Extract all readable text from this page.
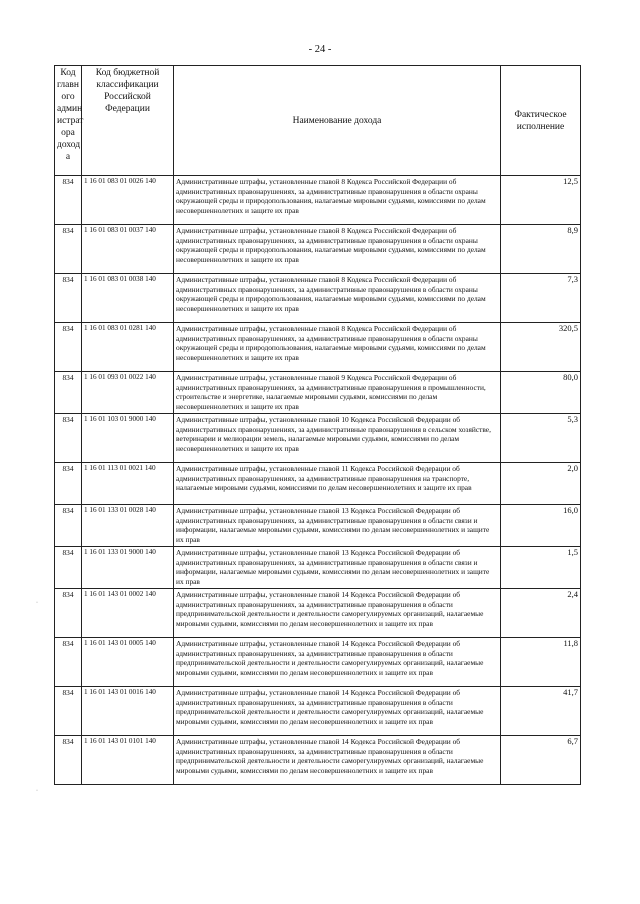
- 24 -
Код главн ого админ истрат ора доход а	Код бюджетной классификации Российской Федерации	Наименование дохода	Фактическое исполнение
834	1 16 01 083 01 0026 140	Административные штрафы, установленные главой 8 Кодекса Российской Федерации об административных правонарушениях, за административные правонарушения в области охраны окружающей среды и природопользования, налагаемые мировыми судьями, комиссиями по делам несовершеннолетних и защите их прав	12,5
834	1 16 01 083 01 0037 140	Административные штрафы, установленные главой 8 Кодекса Российской Федерации об административных правонарушениях, за административные правонарушения в области охраны окружающей среды и природопользования, налагаемые мировыми судьями, комиссиями по делам несовершеннолетних и защите их прав	8,9
834	1 16 01 083 01 0038 140	Административные штрафы, установленные главой 8 Кодекса Российской Федерации об административных правонарушениях, за административные правонарушения в области охраны окружающей среды и природопользования, налагаемые мировыми судьями, комиссиями по делам несовершеннолетних и защите их прав	7,3
834	1 16 01 083 01 0281 140	Административные штрафы, установленные главой 8 Кодекса Российской Федерации об административных правонарушениях, за административные правонарушения в области охраны окружающей среды и природопользования, налагаемые мировыми судьями, комиссиями по делам несовершеннолетних и защите их прав	320,5
834	1 16 01 093 01 0022 140	Административные штрафы, установленные главой 9 Кодекса Российской Федерации об административных правонарушениях, за административные правонарушения в промышленности, строительстве и энергетике, налагаемые мировыми судьями, комиссиями по делам несовершеннолетних и защите их прав	80,0
834	1 16 01 103 01 9000 140	Административные штрафы, установленные главой 10 Кодекса Российской Федерации об административных правонарушениях, за административные правонарушения в сельском хозяйстве, ветеринарии и мелиорации земель, налагаемые мировыми судьями, комиссиями по делам несовершеннолетних и защите их прав	5,3
834	1 16 01 113 01 0021 140	Административные штрафы, установленные главой 11 Кодекса Российской Федерации об административных правонарушениях, за административные правонарушения на транспорте, налагаемые мировыми судьями, комиссиями по делам несовершеннолетних и защите их прав	2,0
834	1 16 01 133 01 0028 140	Административные штрафы, установленные главой 13 Кодекса Российской Федерации об административных правонарушениях, за административные правонарушения в области связи и информации, налагаемые мировыми судьями, комиссиями по делам несовершеннолетних и защите их прав	16,0
834	1 16 01 133 01 9000 140	Административные штрафы, установленные главой 13 Кодекса Российской Федерации об административных правонарушениях, за административные правонарушения в области связи и информации, налагаемые мировыми судьями, комиссиями по делам несовершеннолетних и защите их прав	1,5
834	1 16 01 143 01 0002 140	Административные штрафы, установленные главой 14 Кодекса Российской Федерации об административных правонарушениях, за административные правонарушения в области предпринимательской деятельности и деятельности саморегулируемых организаций, налагаемые мировыми судьями, комиссиями по делам несовершеннолетних и защите их прав	2,4
834	1 16 01 143 01 0005 140	Административные штрафы, установленные главой 14 Кодекса Российской Федерации об административных правонарушениях, за административные правонарушения в области предпринимательской деятельности и деятельности саморегулируемых организаций, налагаемые мировыми судьями, комиссиями по делам несовершеннолетних и защите их прав	11,8
834	1 16 01 143 01 0016 140	Административные штрафы, установленные главой 14 Кодекса Российской Федерации об административных правонарушениях, за административные правонарушения в области предпринимательской деятельности и деятельности саморегулируемых организаций, налагаемые мировыми судьями, комиссиями по делам несовершеннолетних и защите их прав	41,7
834	1 16 01 143 01 0101 140	Административные штрафы, установленные главой 14 Кодекса Российской Федерации об административных правонарушениях, за административные правонарушения в области предпринимательской деятельности и деятельности саморегулируемых организаций, налагаемые мировыми судьями, комиссиями по делам несовершеннолетних и защите их прав	6,7
·
·
